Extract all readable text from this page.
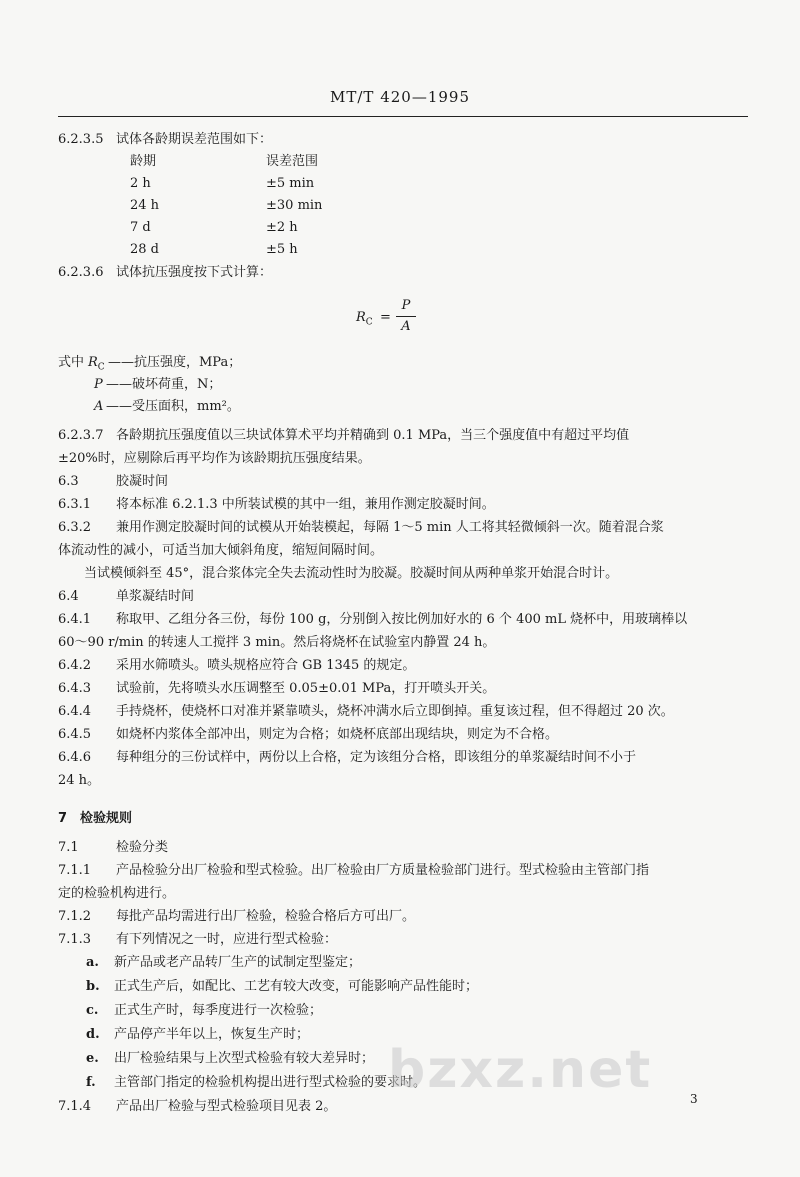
MT/T 420—1995
6.2.3.5 试体各龄期误差范围如下：
龄期	误差范围
2 h	±5 min
24 h	±30 min
7 d	±2 h
28 d	±5 h
6.2.3.6 试体抗压强度按下式计算：
$R_C = \frac{P}{A}$
式中 $R_C$ ——抗压强度，MPa；
P ——破坏荷重，N；
A ——受压面积，mm²。
6.2.3.7 各龄期抗压强度值以三块试体算术平均并精确到 0.1 MPa，当三个强度值中有超过平均值
±20%时，应剔除后再平均作为该龄期抗压强度结果。
6.3	胶凝时间
6.3.1 将本标准 6.2.1.3 中所装试模的其中一组，兼用作测定胶凝时间。
6.3.2 兼用作测定胶凝时间的试模从开始装模起，每隔 1～5 min 人工将其轻微倾斜一次。随着混合浆
体流动性的减小，可适当加大倾斜角度，缩短间隔时间。
当试模倾斜至 45°，混合浆体完全失去流动性时为胶凝。胶凝时间从两种单浆开始混合时计。
6.4	单浆凝结时间
6.4.1 称取甲、乙组分各三份，每份 100 g，分别倒入按比例加好水的 6 个 400 mL 烧杯中，用玻璃棒以
60～90 r/min 的转速人工搅拌 3 min。然后将烧杯在试验室内静置 24 h。
6.4.2 采用水筛喷头。喷头规格应符合 GB 1345 的规定。
6.4.3 试验前，先将喷头水压调整至 0.05±0.01 MPa，打开喷头开关。
6.4.4 手持烧杯，使烧杯口对准并紧靠喷头，烧杯冲满水后立即倒掉。重复该过程，但不得超过 20 次。
6.4.5 如烧杯内浆体全部冲出，则定为合格；如烧杯底部出现结块，则定为不合格。
6.4.6 每种组分的三份试样中，两份以上合格，定为该组分合格，即该组分的单浆凝结时间不小于
24 h。
7 检验规则
7.1	检验分类
7.1.1 产品检验分出厂检验和型式检验。出厂检验由厂方质量检验部门进行。型式检验由主管部门指
定的检验机构进行。
7.1.2 每批产品均需进行出厂检验，检验合格后方可出厂。
7.1.3 有下列情况之一时，应进行型式检验：
a. 新产品或老产品转厂生产的试制定型鉴定；
b. 正式生产后，如配比、工艺有较大改变，可能影响产品性能时；
c. 正式生产时，每季度进行一次检验；
d. 产品停产半年以上，恢复生产时；
e. 出厂检验结果与上次型式检验有较大差异时；
f. 主管部门指定的检验机构提出进行型式检验的要求时。
7.1.4 产品出厂检验与型式检验项目见表 2。
bzxz.net	3
